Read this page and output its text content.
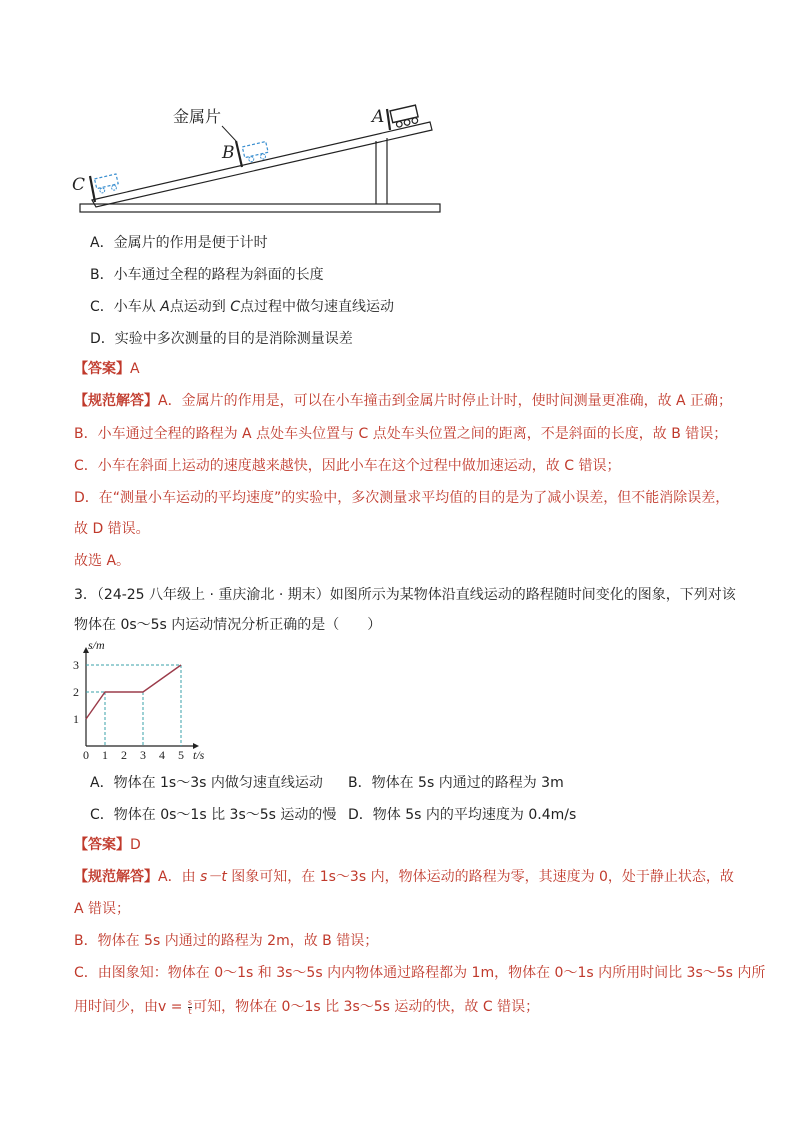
金属片	A
B
C
A．金属片的作用是便于计时
B．小车通过全程的路程为斜面的长度
C．小车从 A点运动到 C点过程中做匀速直线运动
D．实验中多次测量的目的是消除测量误差
【答案】A
【规范解答】A．金属片的作用是，可以在小车撞击到金属片时停止计时，使时间测量更准确，故 A 正确；
B．小车通过全程的路程为 A 点处车头位置与 C 点处车头位置之间的距离，不是斜面的长度，故 B 错误；
C．小车在斜面上运动的速度越来越快，因此小车在这个过程中做加速运动，故 C 错误；
D．在“测量小车运动的平均速度”的实验中，多次测量求平均值的目的是为了减小误差，但不能消除误差，
故 D 错误。
故选 A。
3．（24-25 八年级上 · 重庆渝北 · 期末）如图所示为某物体沿直线运动的路程随时间变化的图象，下列对该
物体在 0s～5s 内运动情况分析正确的是（　　）
0 1 2 3 4 5
1
2
3
t/s
s/m
A．物体在 1s～3s 内做匀速直线运动 B．物体在 5s 内通过的路程为 3m
C．物体在 0s～1s 比 3s～5s 运动的慢 D．物体 5s 内的平均速度为 0.4m/s
【答案】D
【规范解答】A．由 s－t 图象可知，在 1s～3s 内，物体运动的路程为零，其速度为 0，处于静止状态，故
A 错误；
B．物体在 5s 内通过的路程为 2m，故 B 错误；
C．由图象知：物体在 0～1s 和 3s～5s 内内物体通过路程都为 1m，物体在 0～1s 内所用时间比 3s～5s 内所
用时间少，由$v = \frac{s}{t}$ 可知，物体在 0～1s 比 3s～5s 运动的快，故 C 错误；
